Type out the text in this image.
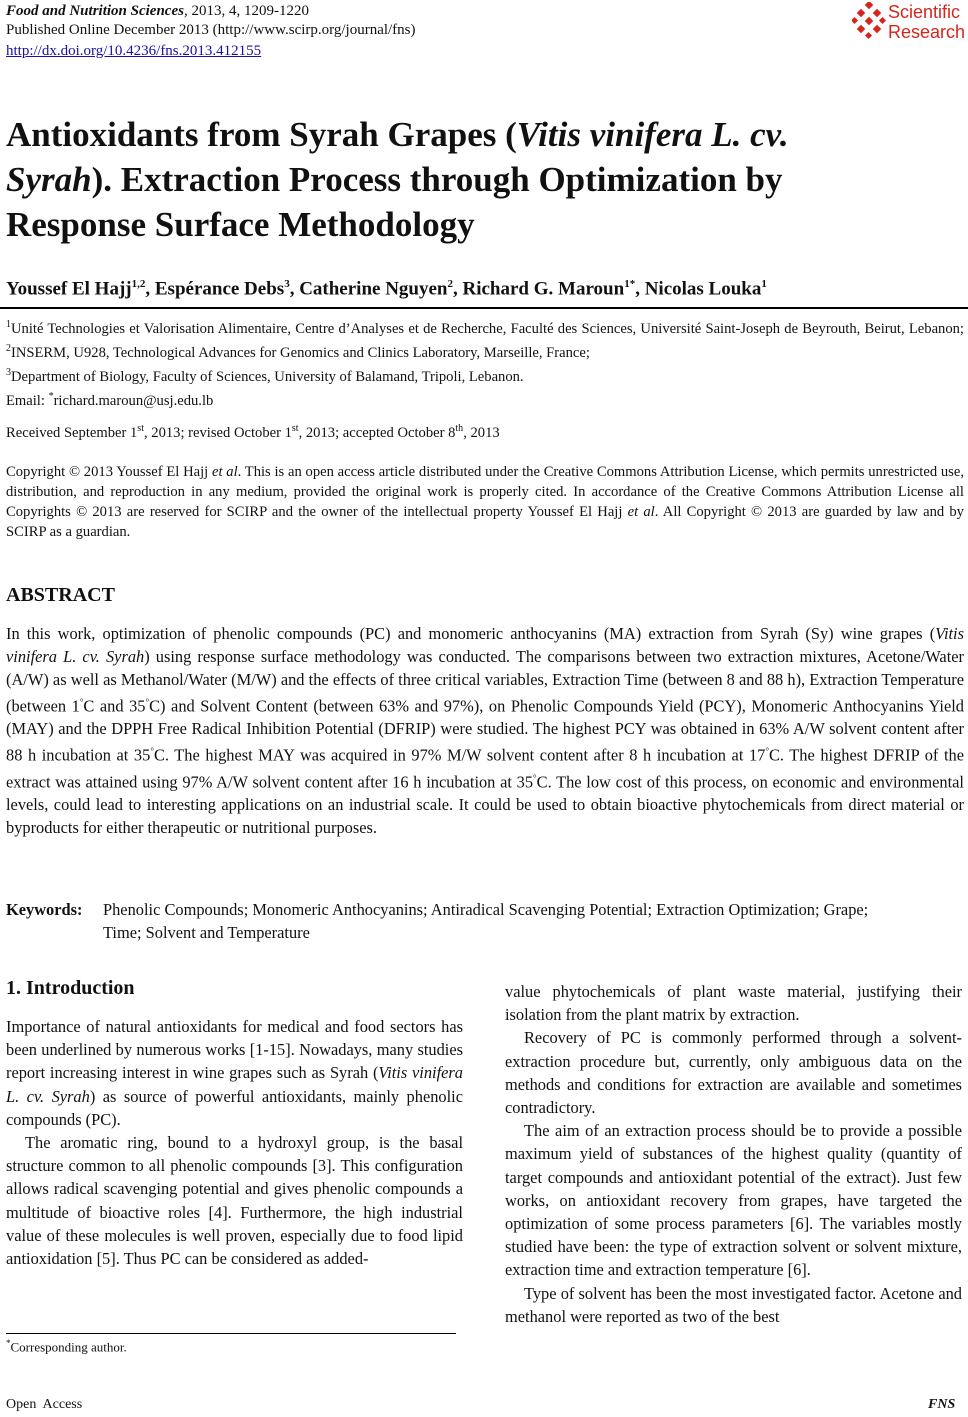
Food and Nutrition Sciences, 2013, 4, 1209-1220
Published Online December 2013 (http://www.scirp.org/journal/fns)
http://dx.doi.org/10.4236/fns.2013.412155
Scientific
Research
Antioxidants from Syrah Grapes (Vitis vinifera L. cv.
Syrah). Extraction Process through Optimization by
Response Surface Methodology
Youssef El Hajj$^{1,2}$, Espérance Debs$^3$, Catherine Nguyen$^2$, Richard G. Maroun$^{1*}$, Nicolas Louka$^1$
$^1$Unité Technologies et Valorisation Alimentaire, Centre d’Analyses et de Recherche, Faculté des Sciences, Université Saint-Joseph de Beyrouth, Beirut, Lebanon; $^2$INSERM, U928, Technological Advances for Genomics and Clinics Laboratory, Marseille, France;
$^3$Department of Biology, Faculty of Sciences, University of Balamand, Tripoli, Lebanon.
Email: *richard.maroun@usj.edu.lb
Received September 1st, 2013; revised October 1st, 2013; accepted October 8th, 2013
Copyright © 2013 Youssef El Hajj et al. This is an open access article distributed under the Creative Commons Attribution License, which permits unrestricted use, distribution, and reproduction in any medium, provided the original work is properly cited. In accordance of the Creative Commons Attribution License all Copyrights © 2013 are reserved for SCIRP and the owner of the intellectual property Youssef El Hajj et al. All Copyright © 2013 are guarded by law and by SCIRP as a guardian.
ABSTRACT
In this work, optimization of phenolic compounds (PC) and monomeric anthocyanins (MA) extraction from Syrah (Sy) wine grapes (Vitis vinifera L. cv. Syrah) using response surface methodology was conducted. The comparisons between two extraction mixtures, Acetone/Water (A/W) as well as Methanol/Water (M/W) and the effects of three critical variables, Extraction Time (between 8 and 88 h), Extraction Temperature (between 1°C and 35°C) and Solvent Content (between 63% and 97%), on Phenolic Compounds Yield (PCY), Monomeric Anthocyanins Yield (MAY) and the DPPH Free Radical Inhibition Potential (DFRIP) were studied. The highest PCY was obtained in 63% A/W solvent content after 88 h incubation at 35°C. The highest MAY was acquired in 97% M/W solvent content after 8 h incubation at 17°C. The highest DFRIP of the extract was attained using 97% A/W solvent content after 16 h incubation at 35°C. The low cost of this process, on economic and environmental levels, could lead to interesting applications on an industrial scale. It could be used to obtain bioactive phytochemicals from direct material or byproducts for either therapeutic or nutritional purposes.
Keywords: Phenolic Compounds; Monomeric Anthocyanins; Antiradical Scavenging Potential; Extraction Optimization; Grape; Time; Solvent and Temperature
1. Introduction

Importance of natural antioxidants for medical and food sectors has been underlined by numerous works [1-15]. Nowadays, many studies report increasing interest in wine grapes such as Syrah (Vitis vinifera L. cv. Syrah) as source of powerful antioxidants, mainly phenolic compounds (PC).

The aromatic ring, bound to a hydroxyl group, is the basal structure common to all phenolic compounds [3]. This configuration allows radical scavenging potential and gives phenolic compounds a multitude of bioactive roles [4]. Furthermore, the high industrial value of these molecules is well proven, especially due to food lipid antioxidation [5]. Thus PC can be considered as added-

value phytochemicals of plant waste material, justifying their isolation from the plant matrix by extraction.

Recovery of PC is commonly performed through a solvent-extraction procedure but, currently, only ambiguous data on the methods and conditions for extraction are available and sometimes contradictory.

The aim of an extraction process should be to provide a possible maximum yield of substances of the highest quality (quantity of target compounds and antioxidant potential of the extract). Just few works, on antioxidant recovery from grapes, have targeted the optimization of some process parameters [6]. The variables mostly studied have been: the type of extraction solvent or solvent mixture, extraction time and extraction temperature [6].

Type of solvent has been the most investigated factor. Acetone and methanol were reported as two of the best

*Corresponding author.
Open  Access	FNS
